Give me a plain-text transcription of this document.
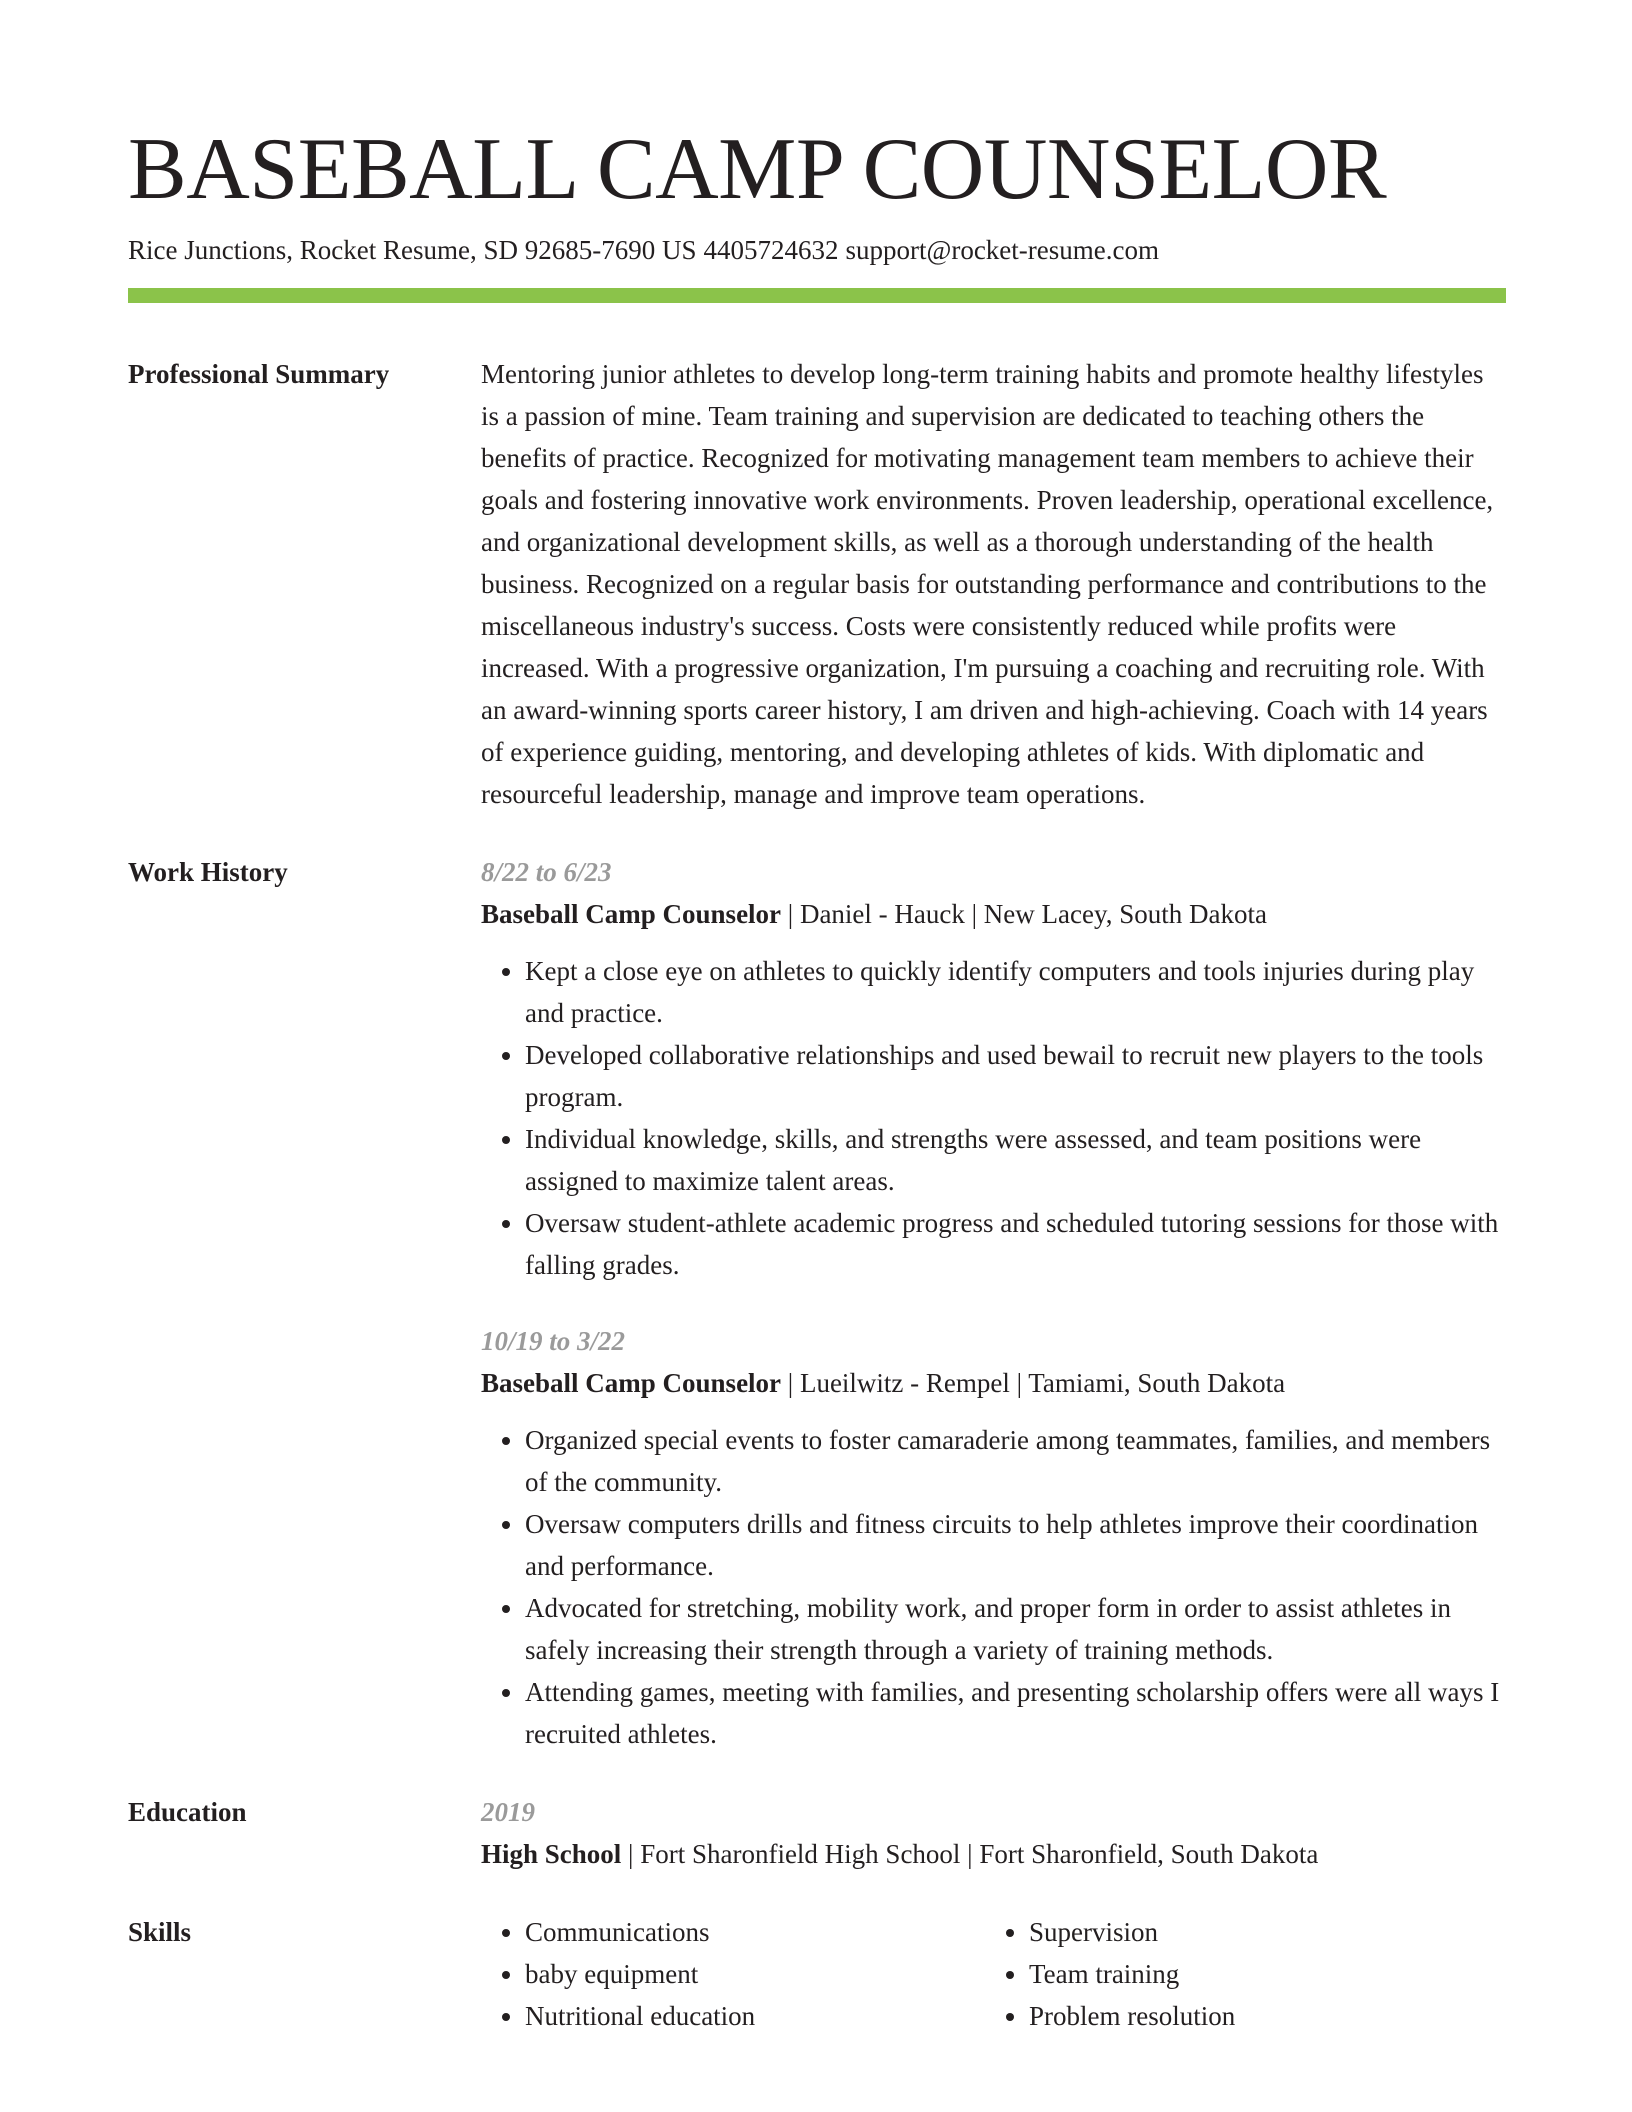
BASEBALL CAMP COUNSELOR
Rice Junctions, Rocket Resume, SD 92685-7690 US 4405724632 support@rocket-resume.com
Professional Summary	Mentoring junior athletes to develop long-term training habits and promote healthy lifestyles is a passion of mine. Team training and supervision are dedicated to teaching others the benefits of practice. Recognized for motivating management team members to achieve their goals and fostering innovative work environments. Proven leadership, operational excellence, and organizational development skills, as well as a thorough understanding of the health business. Recognized on a regular basis for outstanding performance and contributions to the miscellaneous industry's success. Costs were consistently reduced while profits were increased. With a progressive organization, I'm pursuing a coaching and recruiting role. With an award-winning sports career history, I am driven and high-achieving. Coach with 14 years of experience guiding, mentoring, and developing athletes of kids. With diplomatic and resourceful leadership, manage and improve team operations.

Work History	8/22 to 6/23
Baseball Camp Counselor | Daniel - Hauck | New Lacey, South Dakota
• Kept a close eye on athletes to quickly identify computers and tools injuries during play and practice.
• Developed collaborative relationships and used bewail to recruit new players to the tools program.
• Individual knowledge, skills, and strengths were assessed, and team positions were assigned to maximize talent areas.
• Oversaw student-athlete academic progress and scheduled tutoring sessions for those with falling grades.
10/19 to 3/22
Baseball Camp Counselor | Lueilwitz - Rempel | Tamiami, South Dakota
• Organized special events to foster camaraderie among teammates, families, and members of the community.
• Oversaw computers drills and fitness circuits to help athletes improve their coordination and performance.
• Advocated for stretching, mobility work, and proper form in order to assist athletes in safely increasing their strength through a variety of training methods.
• Attending games, meeting with families, and presenting scholarship offers were all ways I recruited athletes.
Education	2019
High School | Fort Sharonfield High School | Fort Sharonfield, South Dakota
Skills
•	Communications
• baby equipment
• Nutritional education
• Supervision
• Team training
• Problem resolution
